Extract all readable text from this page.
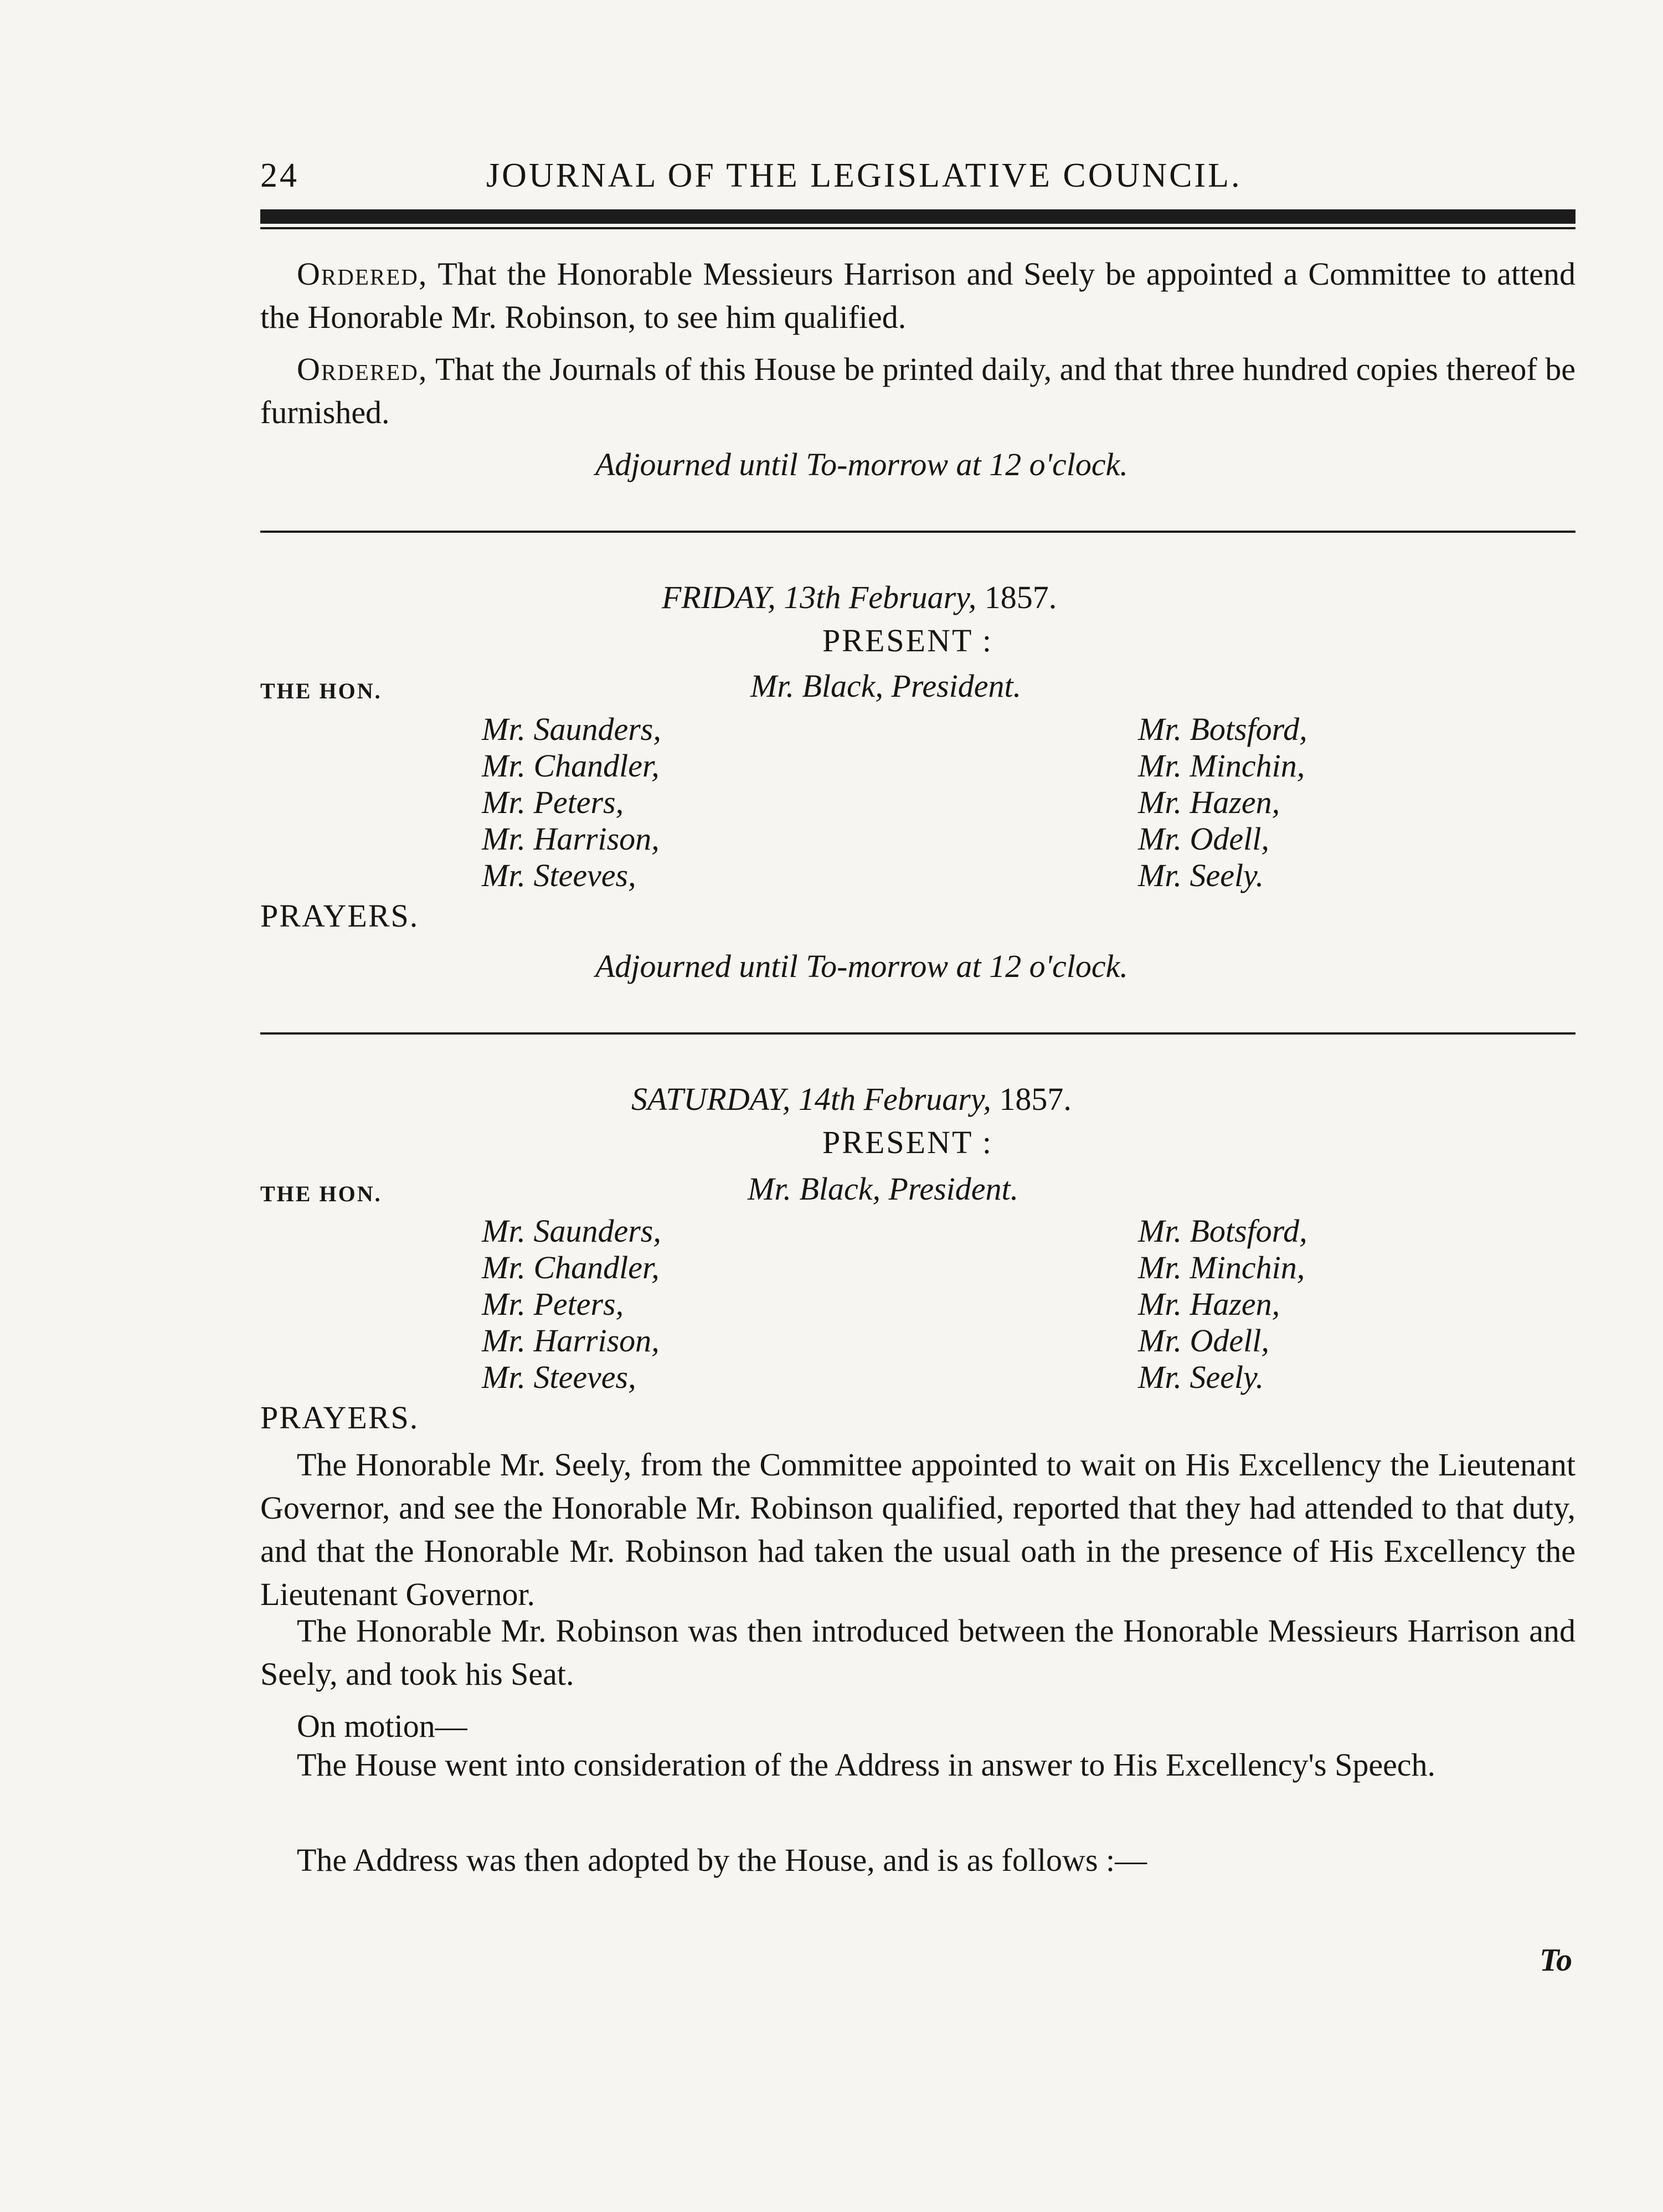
24	JOURNAL OF THE LEGISLATIVE COUNCIL.
Ordered, That the Honorable Messieurs Harrison and Seely be appointed a Committee to attend the Honorable Mr. Robinson, to see him qualified.
Ordered, That the Journals of this House be printed daily, and that three hundred copies thereof be furnished.
Adjourned until To-morrow at 12 o'clock.
FRIDAY, 13th February, 1857.
PRESENT :
THE HON.	Mr. Black, President.
Mr. Saunders,
Mr. Chandler,
Mr. Peters,
Mr. Harrison,
Mr. Steeves,
Mr. Botsford,
Mr. Minchin,
Mr. Hazen,
Mr. Odell,
Mr. Seely.
PRAYERS.
Adjourned until To-morrow at 12 o'clock.
SATURDAY, 14th February, 1857.
PRESENT :
THE HON.	Mr. Black, President.
Mr. Saunders,
Mr. Chandler,
Mr. Peters,
Mr. Harrison,
Mr. Steeves,
Mr. Botsford,
Mr. Minchin,
Mr. Hazen,
Mr. Odell,
Mr. Seely.
PRAYERS.
The Honorable Mr. Seely, from the Committee appointed to wait on His Excellency the Lieutenant Governor, and see the Honorable Mr. Robinson qualified, reported that they had attended to that duty, and that the Honorable Mr. Robinson had taken the usual oath in the presence of His Excellency the Lieutenant Governor.
The Honorable Mr. Robinson was then introduced between the Honorable Messieurs Harrison and Seely, and took his Seat.
On motion—
The House went into consideration of the Address in answer to His Excellency's Speech.
The Address was then adopted by the House, and is as follows :—
To
